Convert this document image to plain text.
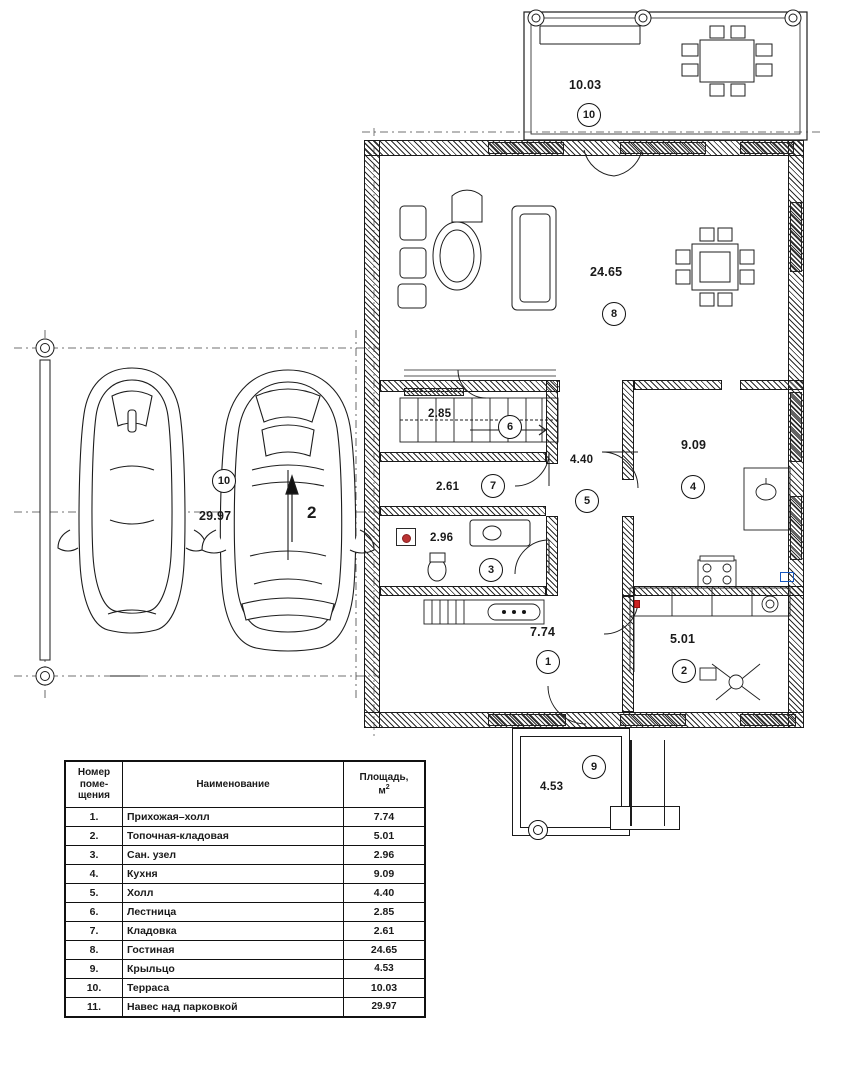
10.03
10
24.65
8
29.97
10
2.85
6
2.61	7
2.96
3
4.40
5
9.09
4
7.74
1
5.01
2
4.53
9
2
Номер
поме-
щения	Наименование	Площадь,
$м^2$
1.	Прихожая–холл	7.74
2.	Топочная-кладовая	5.01
3.	Сан. узел	2.96
4.	Кухня	9.09
5.	Холл	4.40
6.	Лестница	2.85
7.	Кладовка	2.61
8.	Гостиная	24.65
9.	Крыльцо	4.53
10.	Терраса	10.03
11.	Навес над парковкой	29.97
